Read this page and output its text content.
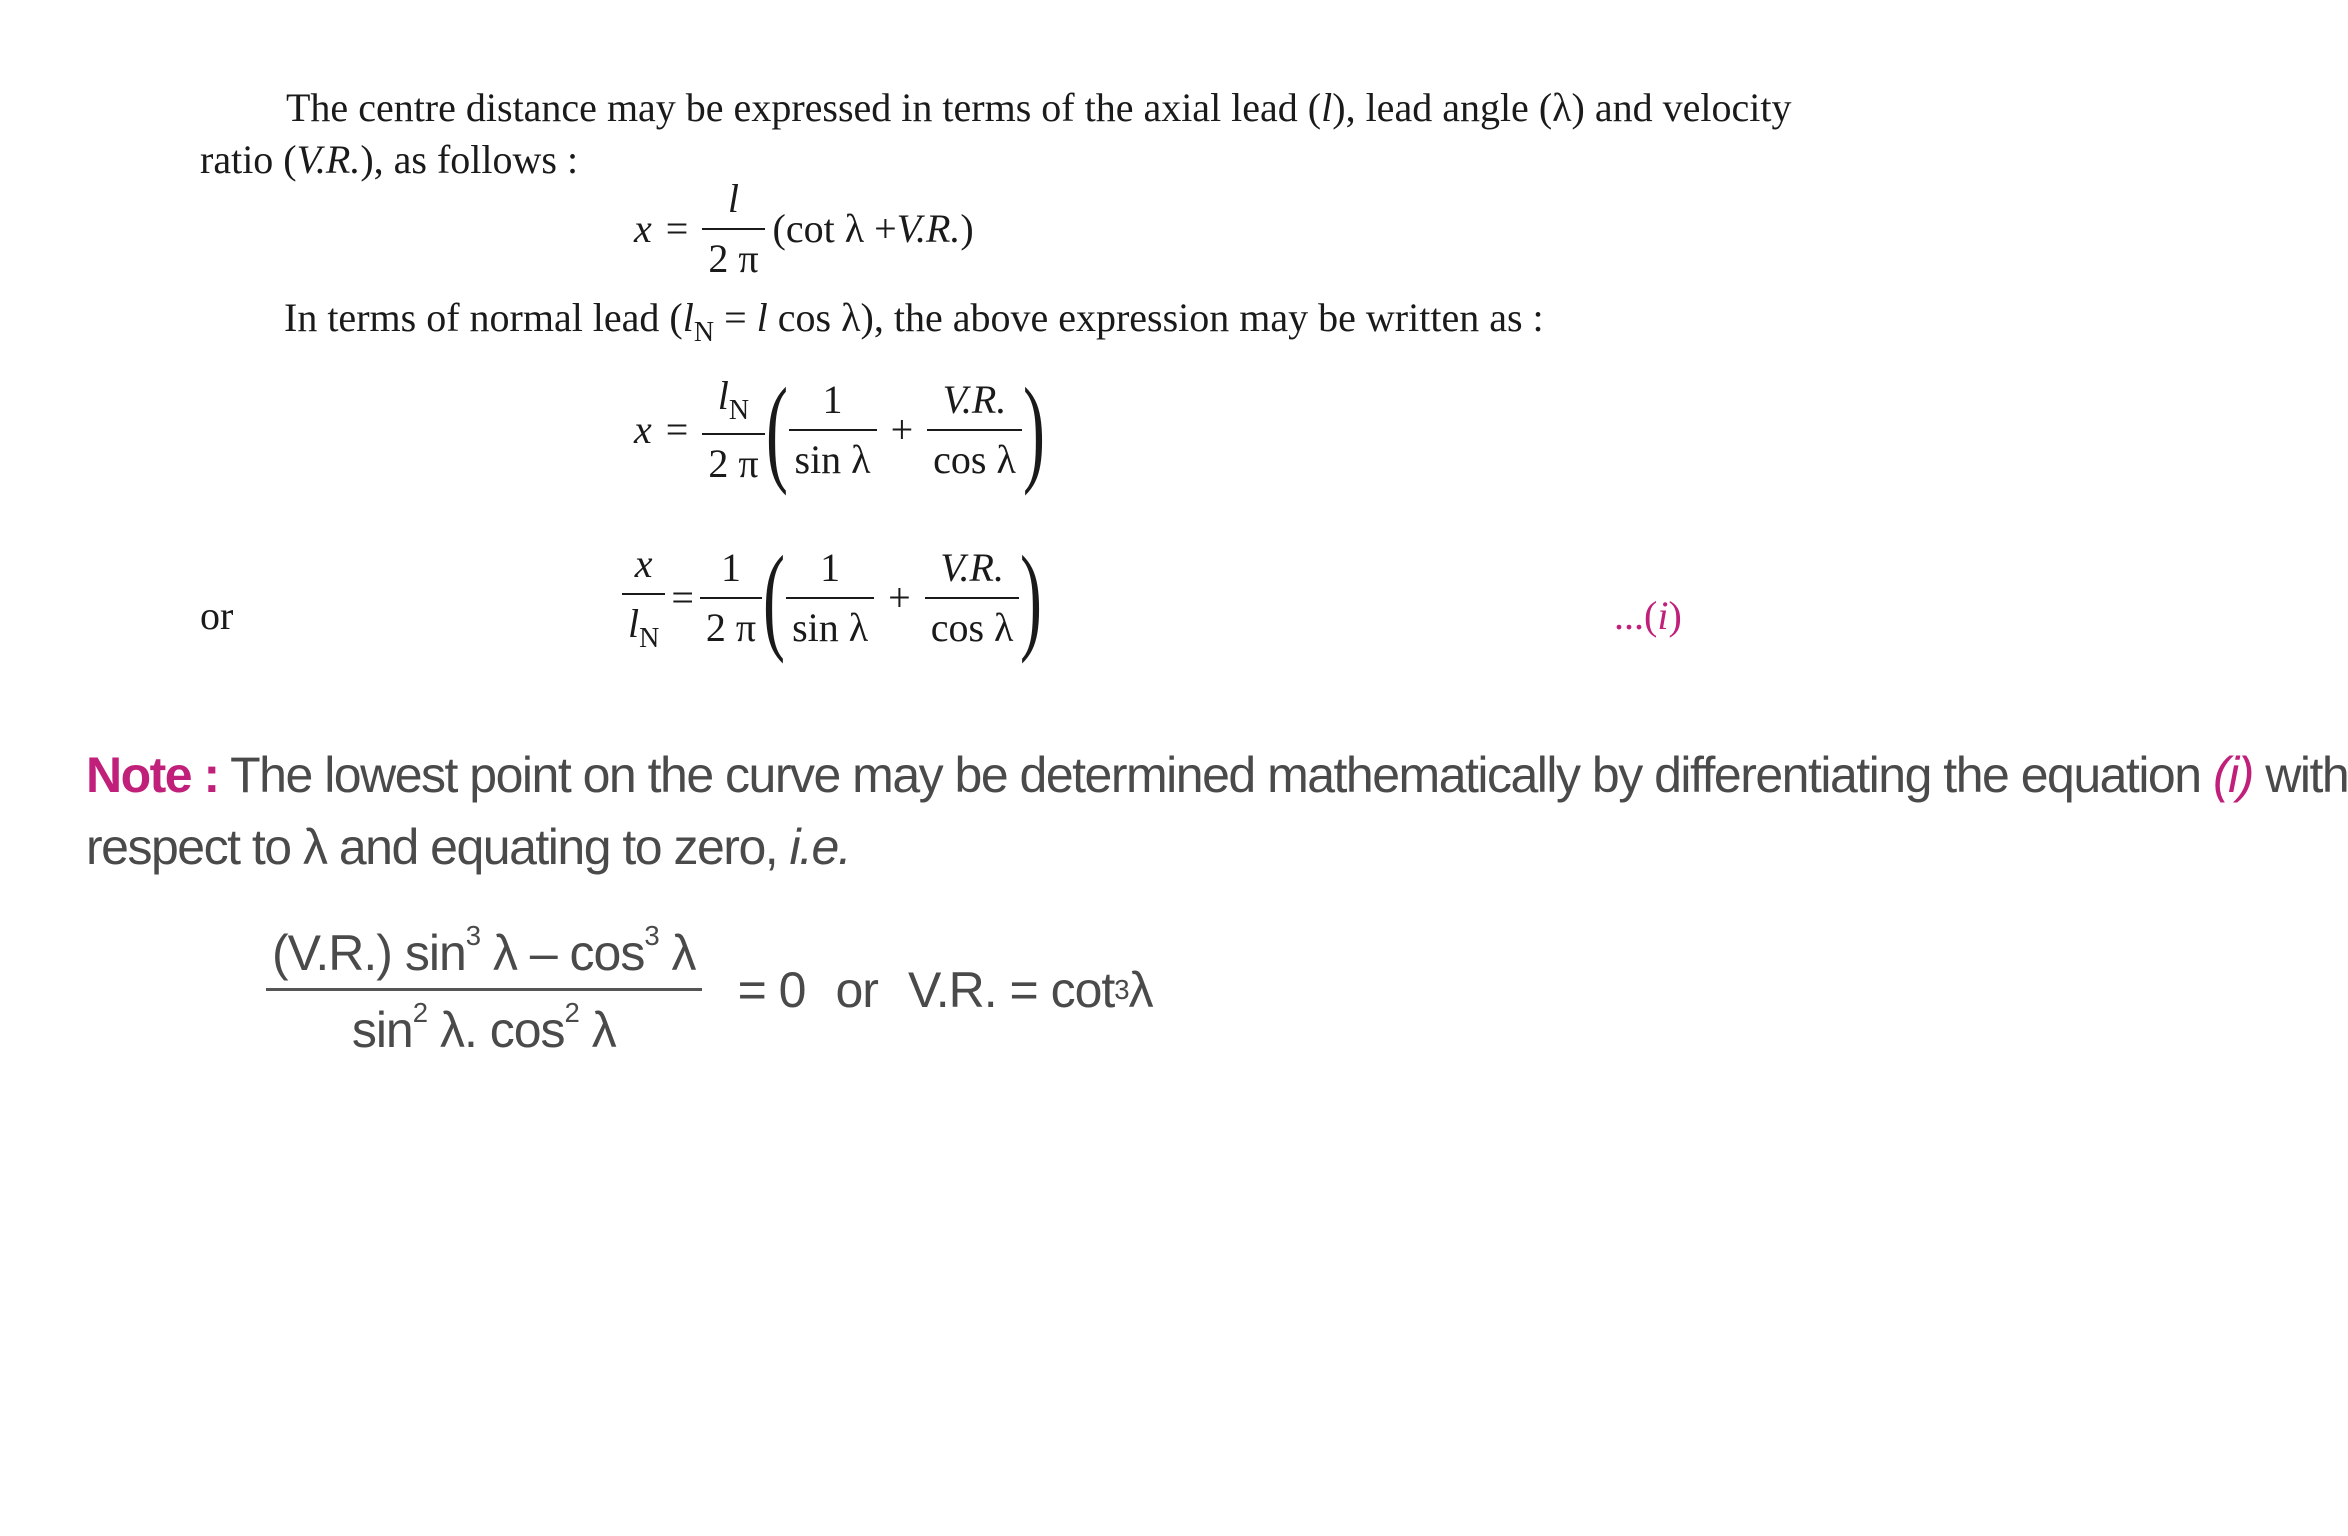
The centre distance may be expressed in terms of the axial lead (l), lead angle (λ) and velocity
ratio (V.R.), as follows :
$x = \frac{l}{2 \pi} (\cot$ λ + V.R. )
In terms of normal lead ($l_N = l$ cos λ), the above expression may be written as :
$x = \frac{l_N}{2 \pi}$ ( $\frac{1}{\text{sin λ}} + \frac{V.R.}{\text{cos λ}}$ )
or	$\frac{x}{l_N} = \frac{1}{2 \pi}$ ( $\frac{1}{\text{sin λ}} + \frac{V.R.}{\text{cos λ}}$ )	...(i)
Note : The lowest point on the curve may be determined mathematically by differentiating the equation (i) with
respect to λ and equating to zero, i.e.
$\frac{(V.R.) \sin^3 \lambda - \cos^3 \lambda}{\sin^2 \lambda. \cos^2 \lambda} = 0$ or V.R. = cot 3 λ
